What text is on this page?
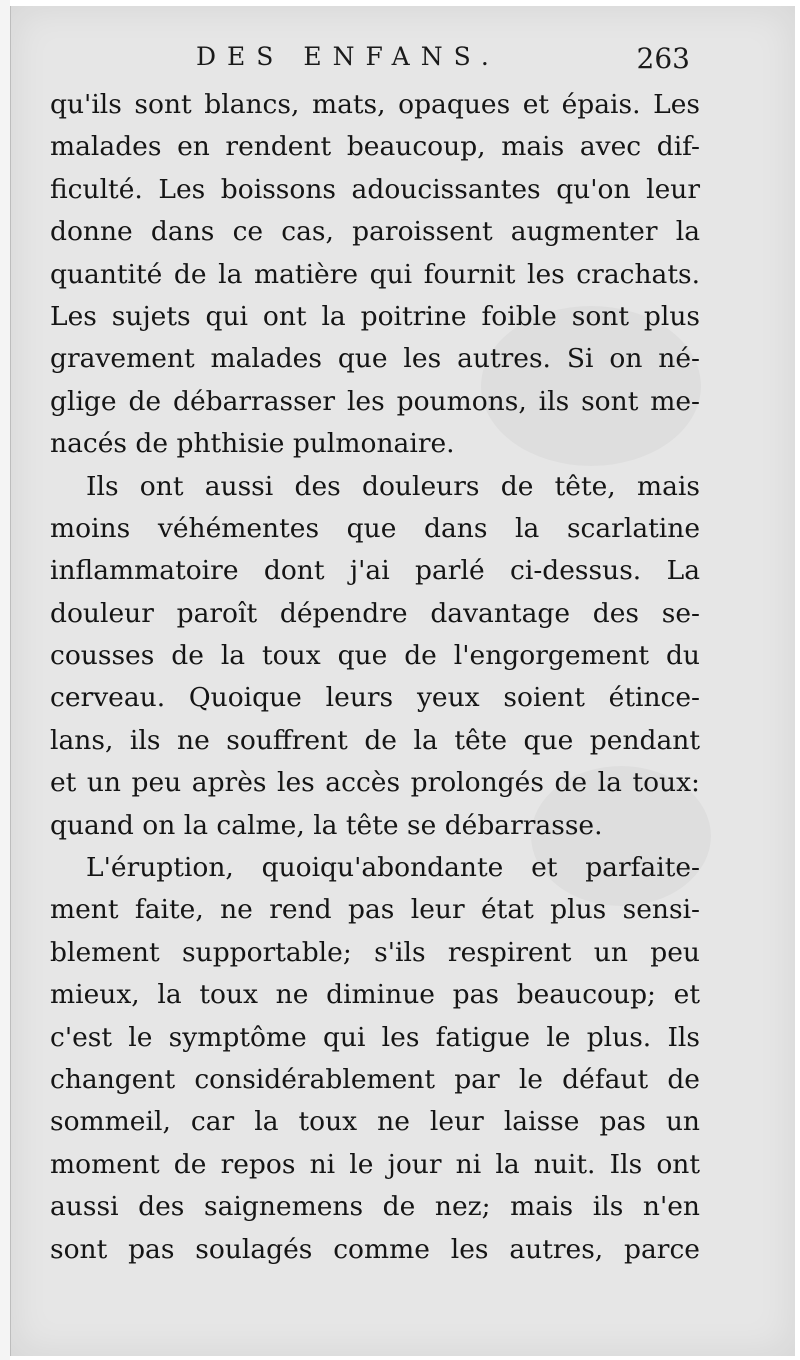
DES ENFANS.	263
qu'ils sont blancs, mats, opaques et épais. Les
malades en rendent beaucoup, mais avec dif-
ficulté. Les boissons adoucissantes qu'on leur
donne dans ce cas, paroissent augmenter la
quantité de la matière qui fournit les crachats.
Les sujets qui ont la poitrine foible sont plus
gravement malades que les autres. Si on né-
glige de débarrasser les poumons, ils sont me-
nacés de phthisie pulmonaire.
Ils ont aussi des douleurs de tête, mais
moins véhémentes que dans la scarlatine
inflammatoire dont j'ai parlé ci-dessus. La
douleur paroît dépendre davantage des se-
cousses de la toux que de l'engorgement du
cerveau. Quoique leurs yeux soient étince-
lans, ils ne souffrent de la tête que pendant
et un peu après les accès prolongés de la toux:
quand on la calme, la tête se débarrasse.
L'éruption, quoiqu'abondante et parfaite-
ment faite, ne rend pas leur état plus sensi-
blement supportable; s'ils respirent un peu
mieux, la toux ne diminue pas beaucoup; et
c'est le symptôme qui les fatigue le plus. Ils
changent considérablement par le défaut de
sommeil, car la toux ne leur laisse pas un
moment de repos ni le jour ni la nuit. Ils ont
aussi des saignemens de nez; mais ils n'en
sont pas soulagés comme les autres, parce
